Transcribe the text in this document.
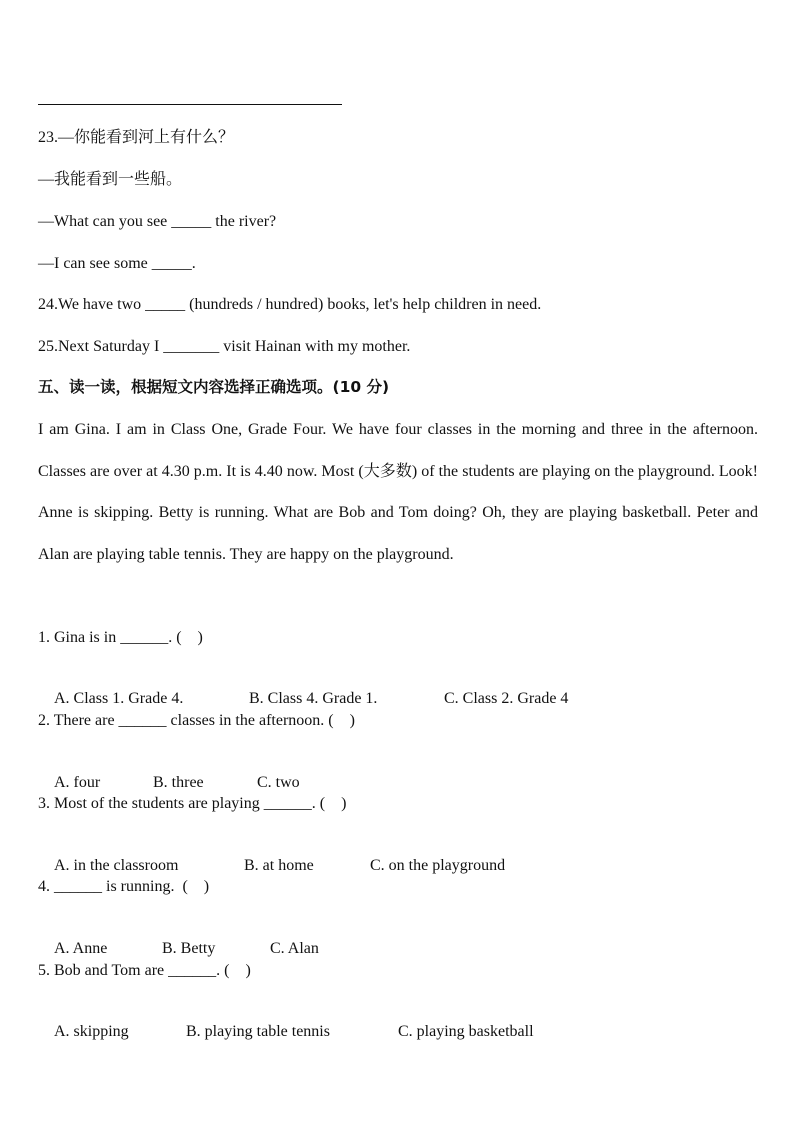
23.—你能看到河上有什么？
—我能看到一些船。
—What can you see _____ the river?
—I can see some _____.
24.We have two _____ (hundreds / hundred) books, let's help children in need.
25.Next Saturday I _______ visit Hainan with my mother.
五、读一读，根据短文内容选择正确选项。(10 分)
I am Gina. I am in Class One, Grade Four. We have four classes in the morning and three in the afternoon. Classes are over at 4.30 p.m. It is 4.40 now. Most (大多数) of the students are playing on the playground. Look! Anne is skipping. Betty is running. What are Bob and Tom doing? Oh, they are playing basketball. Peter and Alan are playing table tennis. They are happy on the playground.
1. Gina is in ______. (    )

A. Class 1. Grade 4.	B. Class 4. Grade 1.	C. Class 2. Grade 4

2. There are ______ classes in the afternoon. (    )

A. four	B. three	C. two

3. Most of the students are playing ______. (    )

A. in the classroom	B. at home	C. on the playground

4. ______ is running.  (    )

A. Anne	B. Betty	C. Alan

5. Bob and Tom are ______. (    )

A. skipping	B. playing table tennis	C. playing basketball
